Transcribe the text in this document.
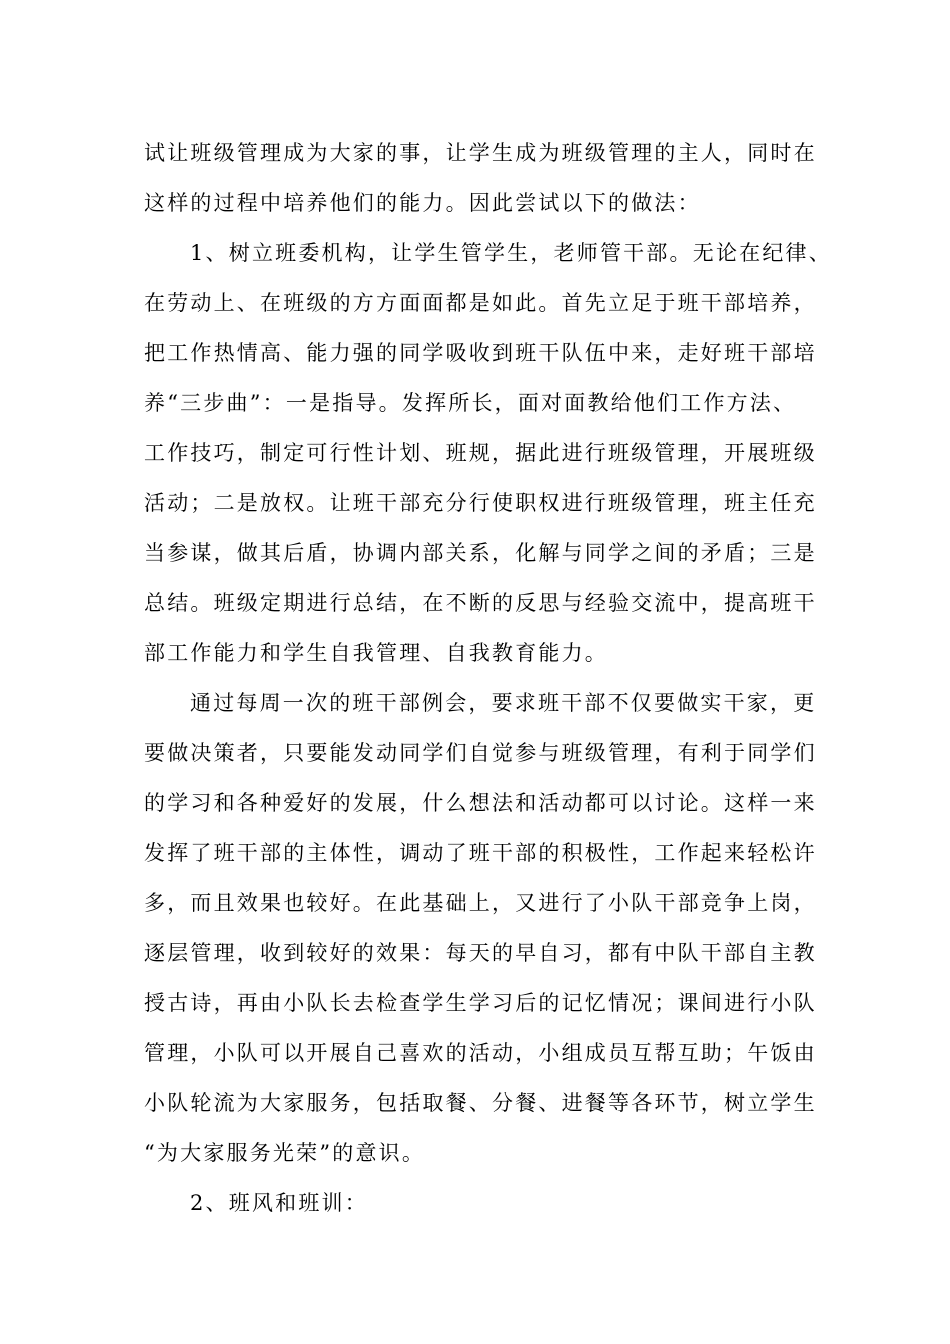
试让班级管理成为大家的事，让学生成为班级管理的主人，同时在
这样的过程中培养他们的能力。因此尝试以下的做法：
1、树立班委机构，让学生管学生，老师管干部。无论在纪律、
在劳动上、在班级的方方面面都是如此。首先立足于班干部培养，
把工作热情高、能力强的同学吸收到班干队伍中来，走好班干部培
养“三步曲”：一是指导。发挥所长，面对面教给他们工作方法、
工作技巧，制定可行性计划、班规，据此进行班级管理，开展班级
活动；二是放权。让班干部充分行使职权进行班级管理，班主任充
当参谋，做其后盾，协调内部关系，化解与同学之间的矛盾；三是
总结。班级定期进行总结，在不断的反思与经验交流中，提高班干
部工作能力和学生自我管理、自我教育能力。
通过每周一次的班干部例会，要求班干部不仅要做实干家，更
要做决策者，只要能发动同学们自觉参与班级管理，有利于同学们
的学习和各种爱好的发展，什么想法和活动都可以讨论。这样一来
发挥了班干部的主体性，调动了班干部的积极性，工作起来轻松许
多，而且效果也较好。在此基础上，又进行了小队干部竞争上岗，
逐层管理，收到较好的效果：每天的早自习，都有中队干部自主教
授古诗，再由小队长去检查学生学习后的记忆情况；课间进行小队
管理，小队可以开展自己喜欢的活动，小组成员互帮互助；午饭由
小队轮流为大家服务，包括取餐、分餐、进餐等各环节，树立学生
“为大家服务光荣”的意识。
2、班风和班训：
